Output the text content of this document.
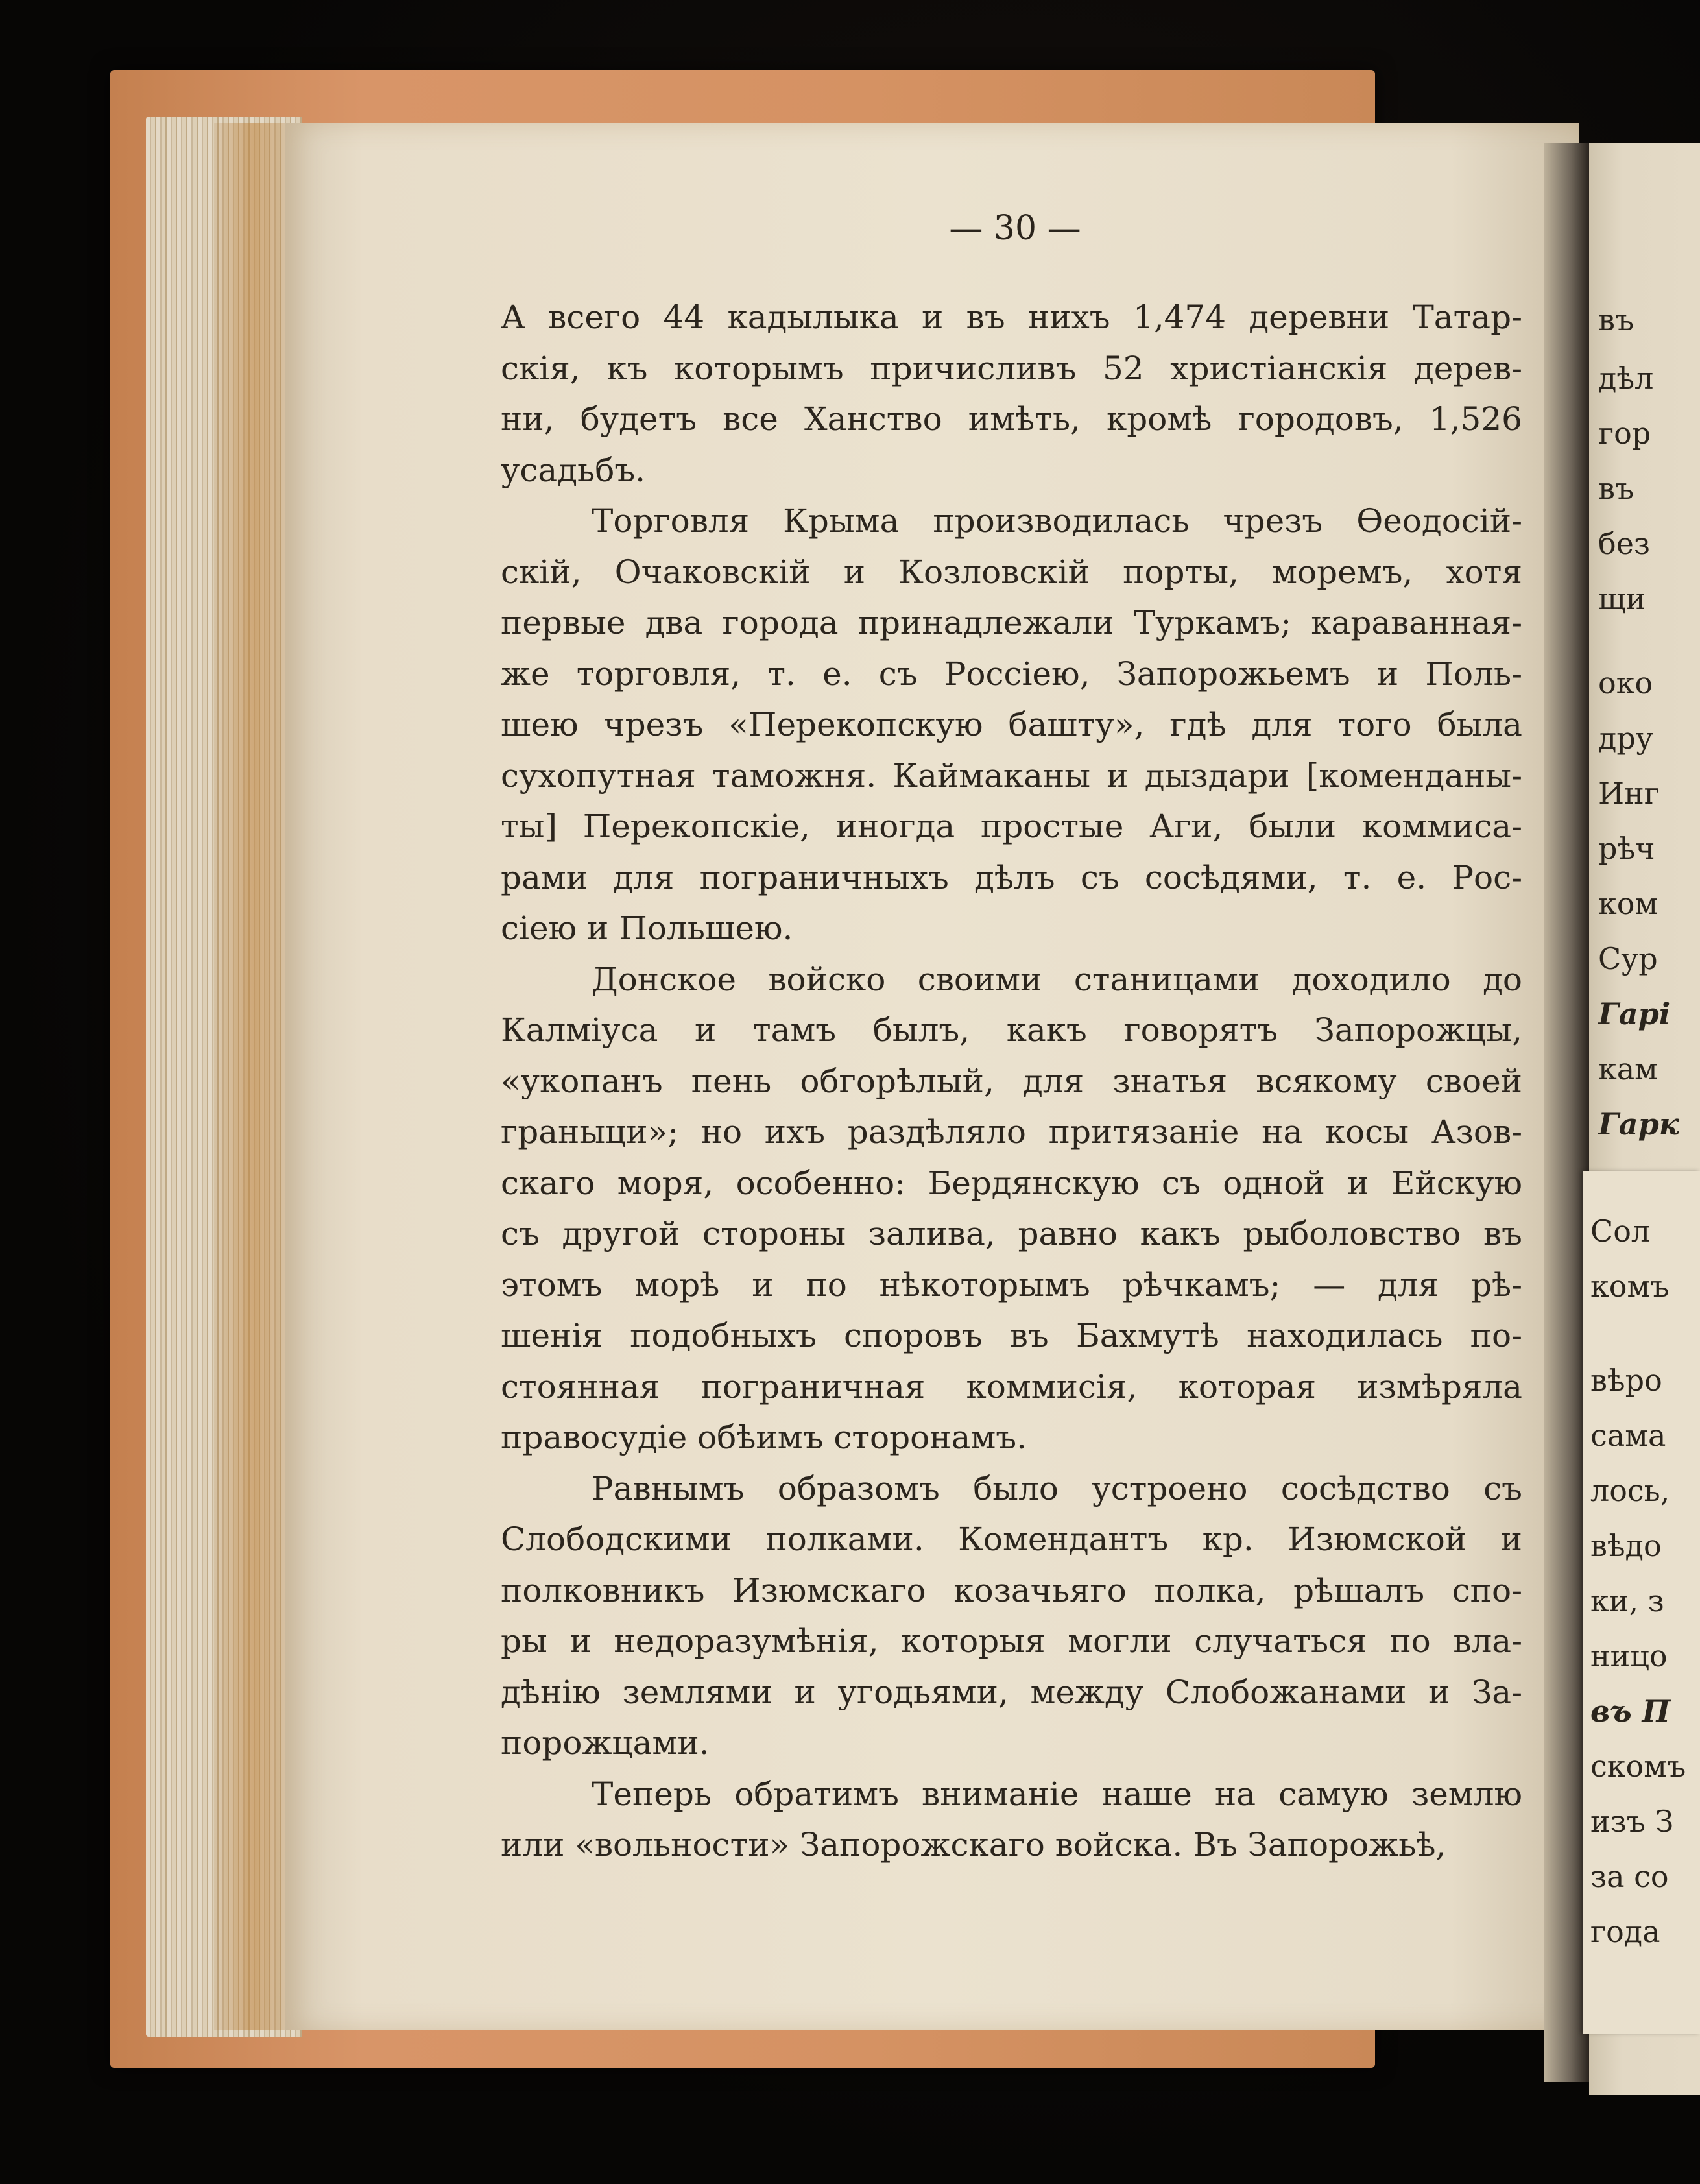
въ
дѣл
гор
въ
без
щи
око
дру
Инг
рѣч
ком
Сур
Гарі
кам
Гарк
Сол
комъ
вѣро
сама
лось,
вѣдо
ки, з
ницо
въ П
скомъ
изъ З
за со
года
— 30 —
А всего 44 кадылыка и въ нихъ 1,474 деревни Татар-
скія, къ которымъ причисливъ 52 христіанскія дерев-
ни, будетъ все Ханство имѣть, кромѣ городовъ, 1,526
усадьбъ.
Торговля Крыма производилась чрезъ Ѳеодосій-
скій, Очаковскій и Козловскій порты, моремъ, хотя
первые два города принадлежали Туркамъ; караванная-
же торговля, т. е. съ Россіею, Запорожьемъ и Поль-
шею чрезъ «Перекопскую башту», гдѣ для того была
сухопутная таможня. Каймаканы и дыздари [коменданы-
ты] Перекопскіе, иногда простые Аги, были коммиса-
рами для пограничныхъ дѣлъ съ сосѣдями, т. е. Рос-
сіею и Польшею.
Донское войско своими станицами доходило до
Калміуса и тамъ былъ, какъ говорятъ Запорожцы,
«укопанъ пень обгорѣлый, для знатья всякому своей
граныци»; но ихъ раздѣляло притязаніе на косы Азов-
скаго моря, особенно: Бердянскую съ одной и Ейскую
съ другой стороны залива, равно какъ рыболовство въ
этомъ морѣ и по нѣкоторымъ рѣчкамъ; — для рѣ-
шенія подобныхъ споровъ въ Бахмутѣ находилась по-
стоянная пограничная коммисія, которая измѣряла
правосудіе обѣимъ сторонамъ.
Равнымъ образомъ было устроено сосѣдство съ
Слободскими полками. Комендантъ кр. Изюмской и
полковникъ Изюмскаго козачьяго полка, рѣшалъ спо-
ры и недоразумѣнія, которыя могли случаться по вла-
дѣнію землями и угодьями, между Слобожанами и За-
порожцами.
Теперь обратимъ вниманіе наше на самую землю
или «вольности» Запорожскаго войска. Въ Запорожьѣ,
